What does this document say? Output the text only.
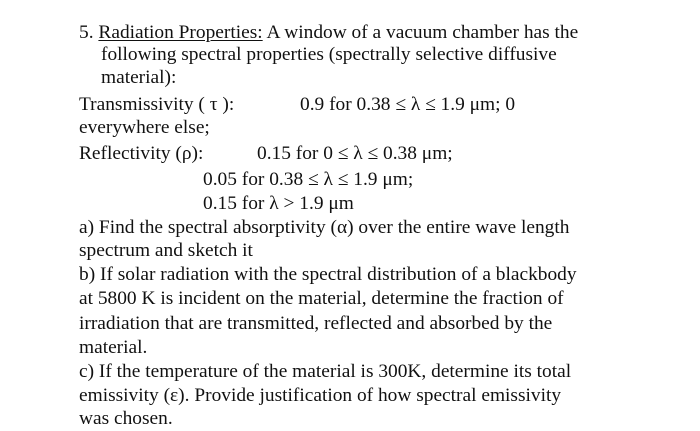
5. Radiation Properties: A window of a vacuum chamber has the
following spectral properties (spectrally selective diffusive
material):
Transmissivity ( τ ):	0.9 for 0.38 ≤ λ ≤ 1.9 μm; 0
everywhere else;
Reflectivity (ρ):	0.15 for 0 ≤ λ ≤ 0.38 μm;
0.05 for 0.38 ≤ λ ≤ 1.9 μm;
0.15 for λ > 1.9 μm
a) Find the spectral absorptivity (α) over the entire wave length
spectrum and sketch it
b) If solar radiation with the spectral distribution of a blackbody
at 5800 K is incident on the material, determine the fraction of
irradiation that are transmitted, reflected and absorbed by the
material.
c) If the temperature of the material is 300K, determine its total
emissivity (ε). Provide justification of how spectral emissivity
was chosen.
